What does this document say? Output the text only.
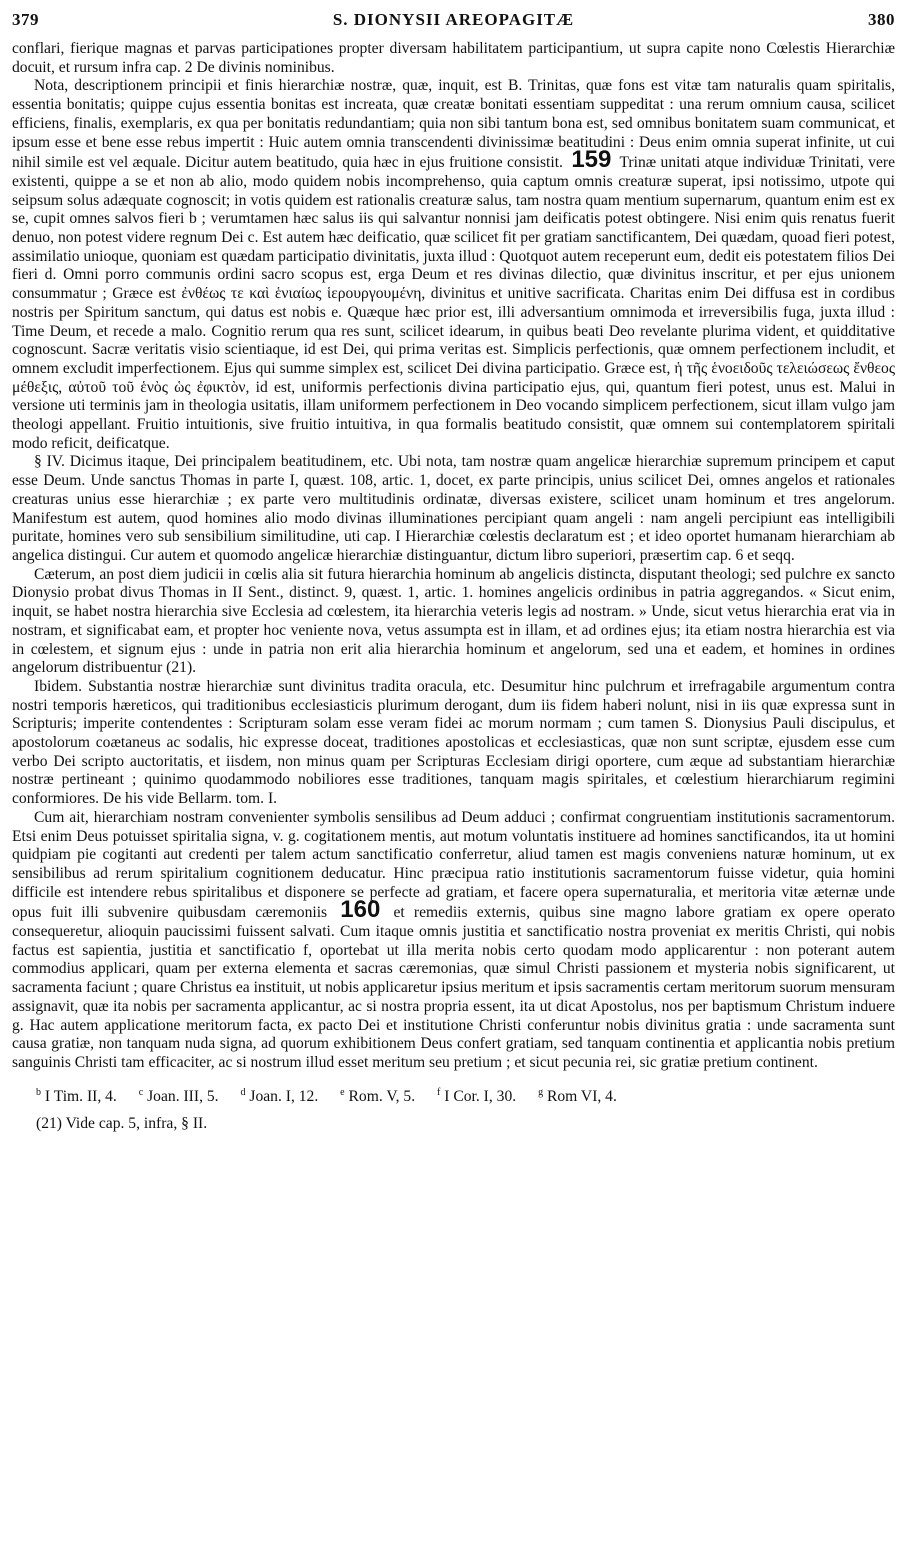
379	S. DIONYSII AREOPAGITÆ	380

conflari, fierique magnas et parvas participationes propter diversam habilitatem participantium, ut supra capite nono Cœlestis Hierarchiæ docuit, et rursum infra cap. 2 De divinis nominibus.

Nota, descriptionem principii et finis hierarchiæ nostræ, quæ, inquit, est B. Trinitas, quæ fons est vitæ tam naturalis quam spiritalis, essentia bonitatis; quippe cujus essentia bonitas est increata, quæ creatæ bonitati essentiam suppeditat : una rerum omnium causa, scilicet efficiens, finalis, exemplaris, ex qua per bonitatis redundantiam; quia non sibi tantum bona est, sed omnibus bonitatem suam communicat, et ipsum esse et bene esse rebus impertit : Huic autem omnia transcendenti divinissimæ beatitudini : Deus enim omnia superat infinite, ut cui nihil simile est vel æquale. Dicitur autem beatitudo, quia hæc in ejus fruitione consistit. 159 Trinæ unitati atque individuæ Trinitati, vere existenti, quippe a se et non ab alio, modo quidem nobis incomprehenso, quia captum omnis creaturæ superat, ipsi notissimo, utpote qui seipsum solus adæquate cognoscit; in votis quidem est rationalis creaturæ salus, tam nostra quam mentium supernarum, quantum enim est ex se, cupit omnes salvos fieri b ; verumtamen hæc salus iis qui salvantur nonnisi jam deificatis potest obtingere. Nisi enim quis renatus fuerit denuo, non potest videre regnum Dei c. Est autem hæc deificatio, quæ scilicet fit per gratiam sanctificantem, Dei quædam, quoad fieri potest, assimilatio unioque, quoniam est quædam participatio divinitatis, juxta illud : Quotquot autem receperunt eum, dedit eis potestatem filios Dei fieri d. Omni porro communis ordini sacro scopus est, erga Deum et res divinas dilectio, quæ divinitus inscritur, et per ejus unionem consummatur ; Græce est ἐνθέως τε καὶ ἑνιαίως ἱερουργουμένη, divinitus et unitive sacrificata. Charitas enim Dei diffusa est in cordibus nostris per Spiritum sanctum, qui datus est nobis e. Quæque hæc prior est, illi adversantium omnimoda et irreversibilis fuga, juxta illud : Time Deum, et recede a malo. Cognitio rerum qua res sunt, scilicet idearum, in quibus beati Deo revelante plurima vident, et quidditative cognoscunt. Sacræ veritatis visio scientiaque, id est Dei, qui prima veritas est. Simplicis perfectionis, quæ omnem perfectionem includit, et omnem excludit imperfectionem. Ejus qui summe simplex est, scilicet Dei divina participatio. Græce est, ἡ τῆς ἑνοειδοῦς τελειώσεως ἔνθεος μέθεξις, αὐτοῦ τοῦ ἑνὸς ὡς ἐφικτὸν, id est, uniformis perfectionis divina participatio ejus, qui, quantum fieri potest, unus est. Malui in versione uti terminis jam in theologia usitatis, illam uniformem perfectionem in Deo vocando simplicem perfectionem, sicut illam vulgo jam theologi appellant. Fruitio intuitionis, sive fruitio intuitiva, in qua formalis beatitudo consistit, quæ omnem sui contemplatorem spiritali modo reficit, deificatque.

§ IV. Dicimus itaque, Dei principalem beatitudinem, etc. Ubi nota, tam nostræ quam angelicæ hierarchiæ supremum principem et caput esse Deum. Unde sanctus Thomas in parte I, quæst. 108, artic. 1, docet, ex parte principis, unius scilicet Dei, omnes angelos et rationales creaturas unius esse hierarchiæ ; ex parte vero multitudinis ordinatæ, diversas existere, scilicet unam hominum et tres angelorum. Manifestum est autem, quod homines alio modo divinas illuminationes percipiant quam angeli : nam angeli percipiunt eas intelligibili puritate, homines vero sub sensibilium similitudine, uti cap. I Hierarchiæ cœlestis declaratum est ; et ideo oportet humanam hierarchiam ab angelica distingui. Cur autem et quomodo angelicæ hierarchiæ distinguantur, dictum libro superiori, præsertim cap. 6 et seqq.

Cæterum, an post diem judicii in cœlis alia sit futura hierarchia hominum ab angelicis distincta, disputant theologi; sed pulchre ex sancto Dionysio probat divus Thomas in II Sent., distinct. 9, quæst. 1, artic. 1. homines angelicis ordinibus in patria aggregandos. « Sicut enim, inquit, se habet nostra hierarchia sive Ecclesia ad cœlestem, ita hierarchia veteris legis ad nostram. » Unde, sicut vetus hierarchia erat via in nostram, et significabat eam, et propter hoc veniente nova, vetus assumpta est in illam, et ad ordines ejus; ita etiam nostra hierarchia est via in cœlestem, et signum ejus : unde in patria non erit alia hierarchia hominum et angelorum, sed una et eadem, et homines in ordines angelorum distribuentur (21).

Ibidem. Substantia nostræ hierarchiæ sunt divinitus tradita oracula, etc. Desumitur hinc pulchrum et irrefragabile argumentum contra nostri temporis hæreticos, qui traditionibus ecclesiasticis plurimum derogant, dum iis fidem haberi nolunt, nisi in iis quæ expressa sunt in Scripturis; imperite contendentes : Scripturam solam esse veram fidei ac morum normam ; cum tamen S. Dionysius Pauli discipulus, et apostolorum coætaneus ac sodalis, hic expresse doceat, traditiones apostolicas et ecclesiasticas, quæ non sunt scriptæ, ejusdem esse cum verbo Dei scripto auctoritatis, et iisdem, non minus quam per Scripturas Ecclesiam dirigi oportere, cum æque ad substantiam hierarchiæ nostræ pertineant ; quinimo quodammodo nobiliores esse traditiones, tanquam magis spiritales, et cœlestium hierarchiarum regimini conformiores. De his vide Bellarm. tom. I.

Cum ait, hierarchiam nostram convenienter symbolis sensilibus ad Deum adduci ; confirmat congruentiam institutionis sacramentorum. Etsi enim Deus potuisset spiritalia signa, v. g. cogitationem mentis, aut motum voluntatis instituere ad homines sanctificandos, ita ut homini quidpiam pie cogitanti aut credenti per talem actum sanctificatio conferretur, aliud tamen est magis conveniens naturæ hominum, ut ex sensibilibus ad rerum spiritalium cognitionem deducatur. Hinc præcipua ratio institutionis sacramentorum fuisse videtur, quia homini difficile est intendere rebus spiritalibus et disponere se perfecte ad gratiam, et facere opera supernaturalia, et meritoria vitæ æternæ unde opus fuit illi subvenire quibusdam cæremoniis 160 et remediis externis, quibus sine magno labore gratiam ex opere operato consequeretur, alioquin paucissimi fuissent salvati. Cum itaque omnis justitia et sanctificatio nostra proveniat ex meritis Christi, qui nobis factus est sapientia, justitia et sanctificatio f, oportebat ut illa merita nobis certo quodam modo applicarentur : non poterant autem commodius applicari, quam per externa elementa et sacras cæremonias, quæ simul Christi passionem et mysteria nobis significarent, ut sacramenta faciunt ; quare Christus ea instituit, ut nobis applicaretur ipsius meritum et ipsis sacramentis certam meritorum suorum mensuram assignavit, quæ ita nobis per sacramenta applicantur, ac si nostra propria essent, ita ut dicat Apostolus, nos per baptismum Christum induere g. Hac autem applicatione meritorum facta, ex pacto Dei et institutione Christi conferuntur nobis divinitus gratia : unde sacramenta sunt causa gratiæ, non tanquam nuda signa, ad quorum exhibitionem Deus confert gratiam, sed tanquam continentia et applicantia nobis pretium sanguinis Christi tam efficaciter, ac si nostrum illud esset meritum seu pretium ; et sicut pecunia rei, sic gratiæ pretium continent.

$^b$ I Tim. II, 4. $^c$ Joan. III, 5. $^d$ Joan. I, 12. $^e$ Rom. V, 5. $^f$ I Cor. I, 30. $^g$ Rom VI, 4.
(21) Vide cap. 5, infra, § II.
